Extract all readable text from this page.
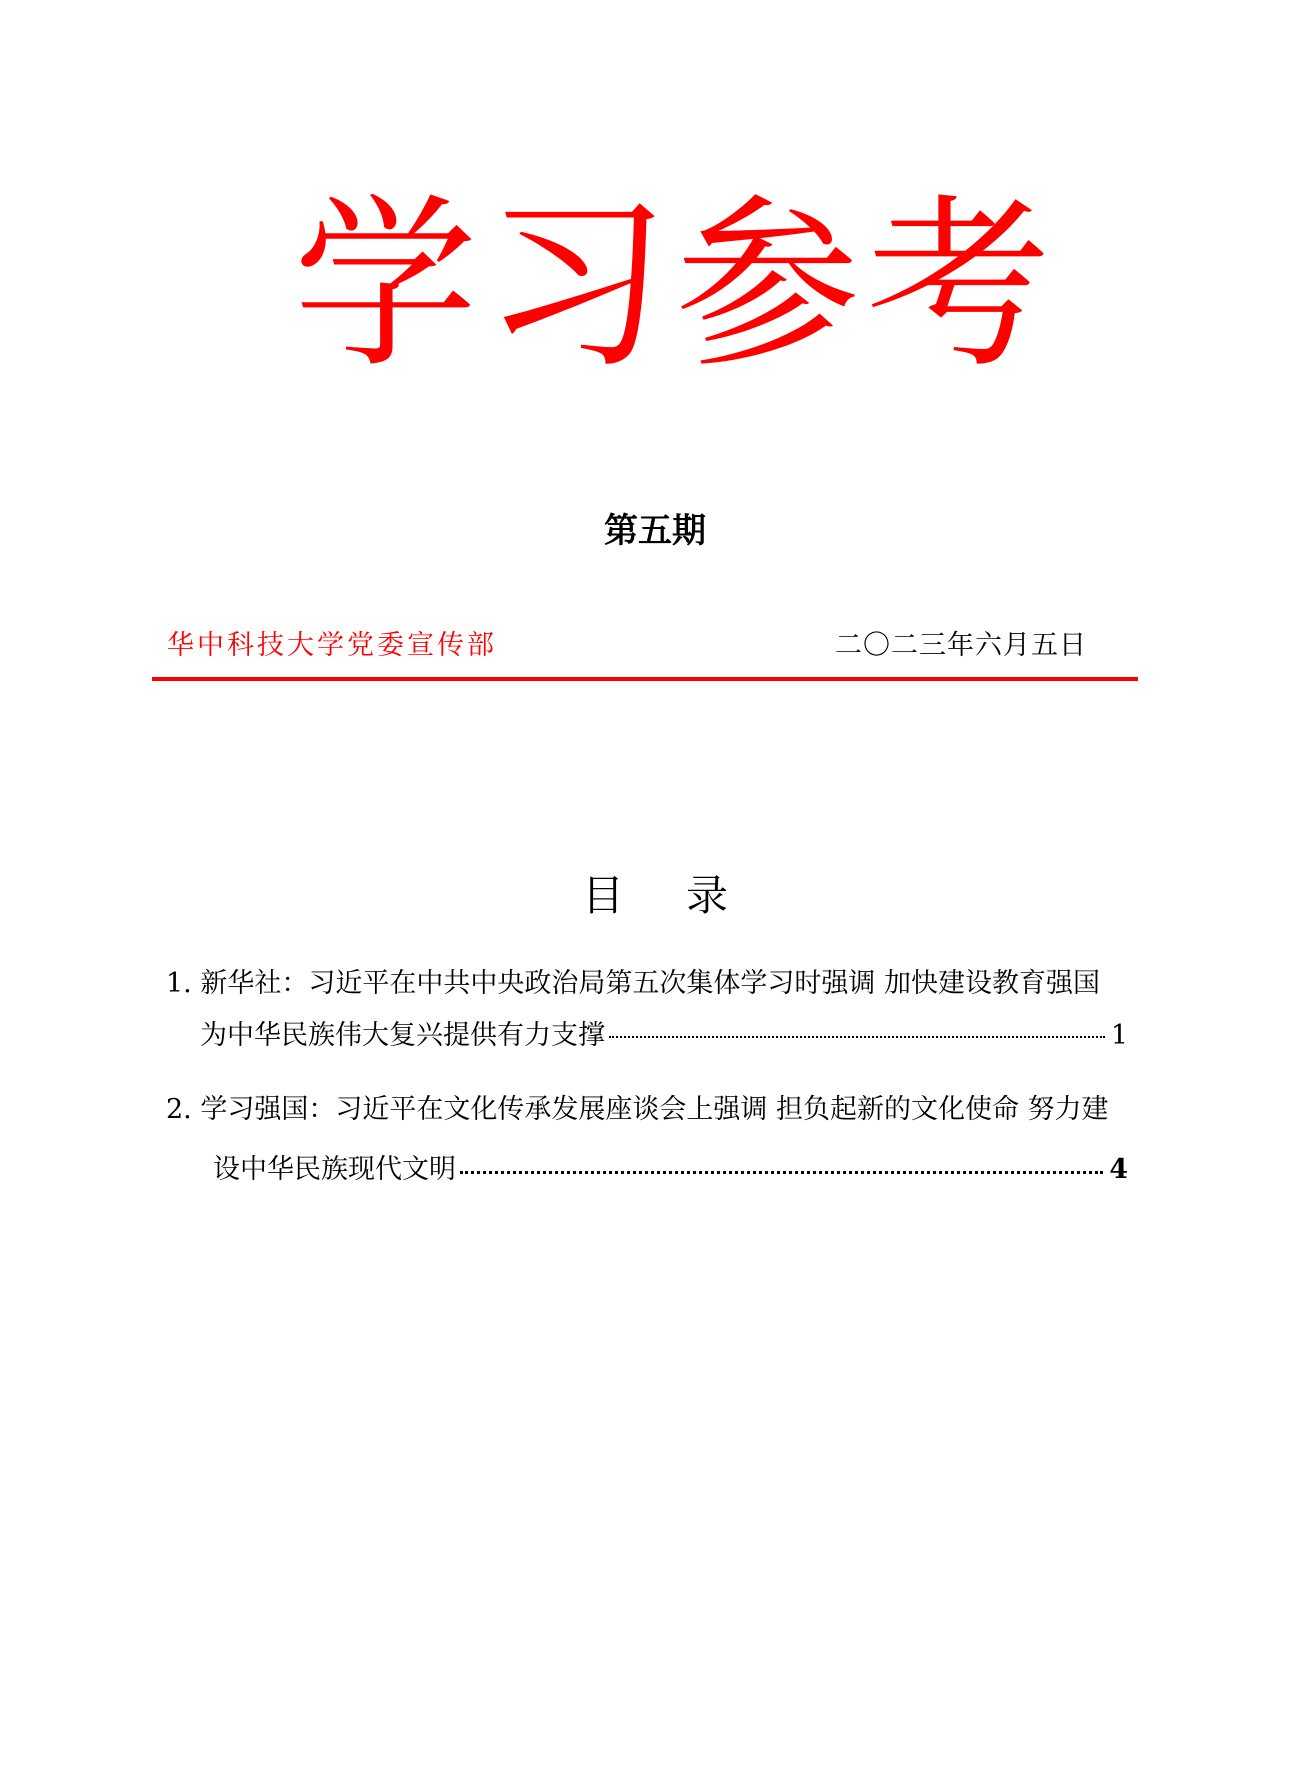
学习参考
第五期
华中科技大学党委宣传部	二〇二三年六月五日
目 录
1. 新华社：习近平在中共中央政治局第五次集体学习时强调 加快建设教育强国
为中华民族伟大复兴提供有力支撑	1
2. 学习强国：习近平在文化传承发展座谈会上强调 担负起新的文化使命 努力建
设中华民族现代文明	4
